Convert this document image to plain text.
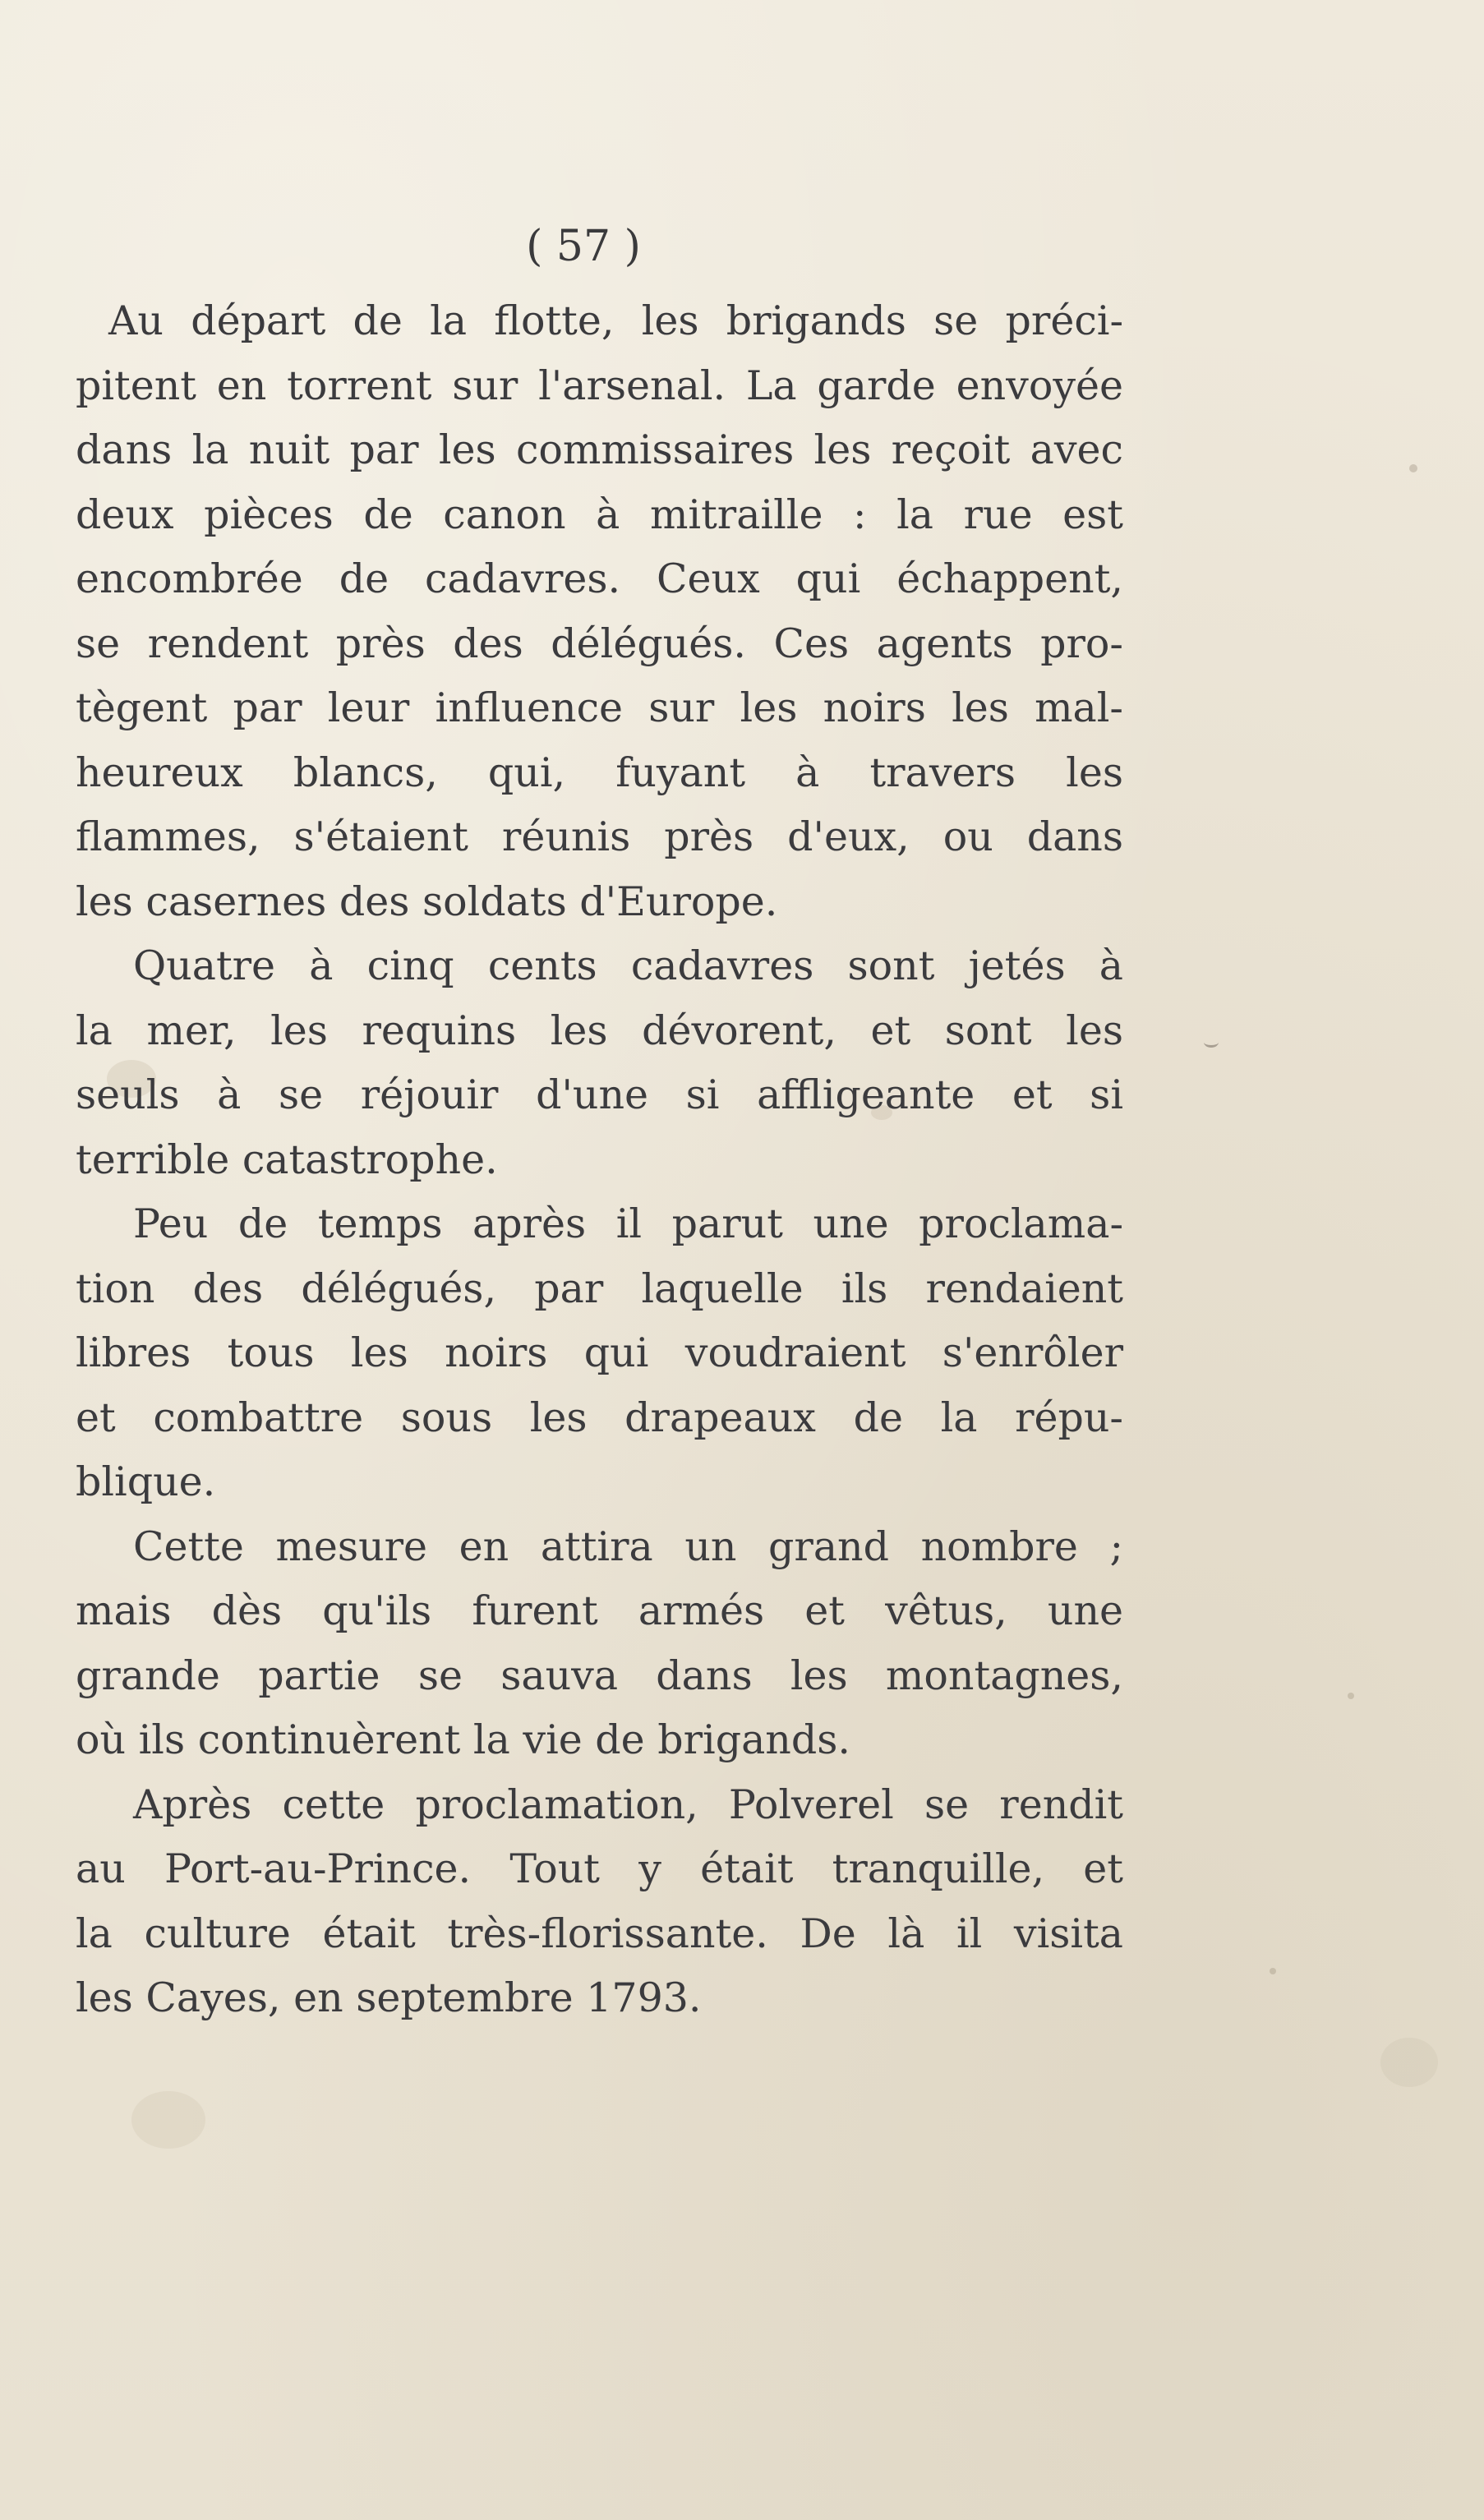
( 57 )

Au départ de la flotte, les brigands se préci-
pitent en torrent sur l'arsenal. La garde envoyée
dans la nuit par les commissaires les reçoit avec
deux pièces de canon à mitraille : la rue est
encombrée de cadavres. Ceux qui échappent,
se rendent près des délégués. Ces agents pro-
tègent par leur influence sur les noirs les mal-
heureux blancs, qui, fuyant à travers les
flammes, s'étaient réunis près d'eux, ou dans
les casernes des soldats d'Europe.

Quatre à cinq cents cadavres sont jetés à
la mer, les requins les dévorent, et sont les
seuls à se réjouir d'une si affligeante et si
terrible catastrophe.

Peu de temps après il parut une proclama-
tion des délégués, par laquelle ils rendaient
libres tous les noirs qui voudraient s'enrôler
et combattre sous les drapeaux de la répu-
blique.

Cette mesure en attira un grand nombre ;
mais dès qu'ils furent armés et vêtus, une
grande partie se sauva dans les montagnes,
où ils continuèrent la vie de brigands.

Après cette proclamation, Polverel se rendit
au Port-au-Prince. Tout y était tranquille, et
la culture était très-florissante. De là il visita
les Cayes, en septembre 1793.
